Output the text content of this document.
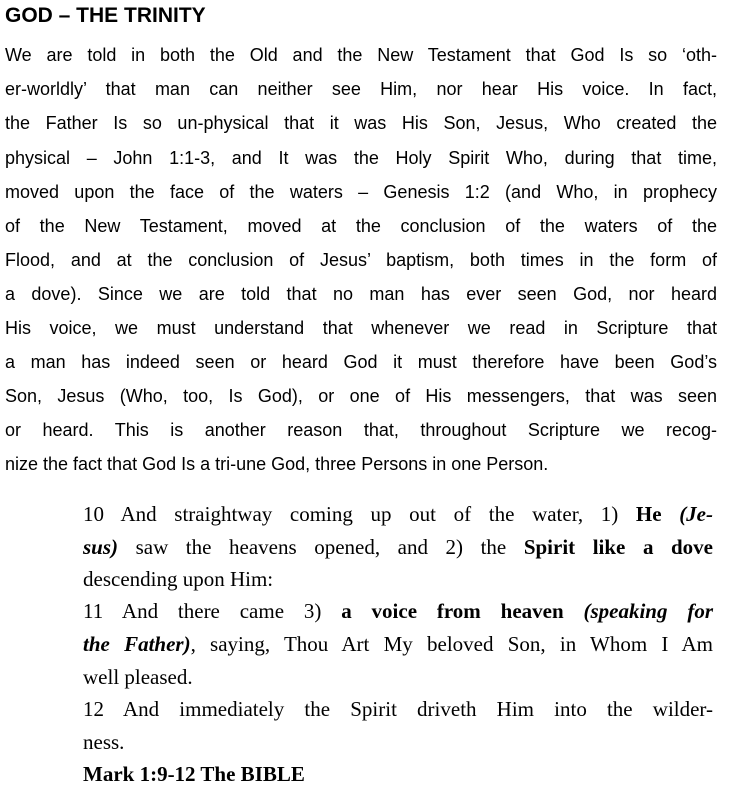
GOD – THE TRINITY
We are told in both the Old and the New Testament that God Is so ‘oth-
er-worldly’ that man can neither see Him, nor hear His voice. In fact,
the Father Is so un-physical that it was His Son, Jesus, Who created the
physical – John 1:1-3, and It was the Holy Spirit Who, during that time,
moved upon the face of the waters – Genesis 1:2 (and Who, in prophecy
of the New Testament, moved at the conclusion of the waters of the
Flood, and at the conclusion of Jesus’ baptism, both times in the form of
a dove). Since we are told that no man has ever seen God, nor heard
His voice, we must understand that whenever we read in Scripture that
a man has indeed seen or heard God it must therefore have been God’s
Son, Jesus (Who, too, Is God), or one of His messengers, that was seen
or heard. This is another reason that, throughout Scripture we recog-
nize the fact that God Is a tri-une God, three Persons in one Person.
10 And straightway coming up out of the water, 1) He (Je-
sus) saw the heavens opened, and 2) the Spirit like a dove
descending upon Him:
11 And there came 3) a voice from heaven (speaking for
the Father), saying, Thou Art My beloved Son, in Whom I Am
well pleased.
12 And immediately the Spirit driveth Him into the wilder-
ness.
Mark 1:9-12 The BIBLE
